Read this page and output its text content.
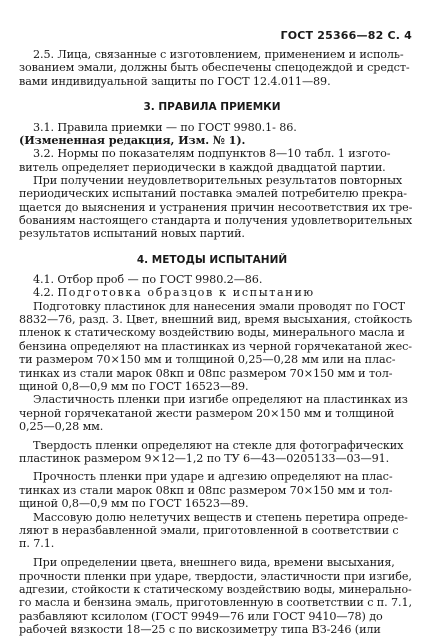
ГОСТ 25366—82 С. 4
2.5. Лица, связанные с изготовлением, применением и исполь-
зованием эмали, должны быть обеспечены спецодеждой и средст-
вами индивидуальной защиты по ГОСТ 12.4.011—89.
3. ПРАВИЛА ПРИЕМКИ
3.1. Правила приемки — по ГОСТ 9980.1- 86.
(Измененная редакция, Изм. № 1).
3.2. Нормы по показателям подпунктов 8—10 табл. 1 изгото-
витель определяет периодически в каждой двадцатой партии.
При получении неудовлетворительных результатов повторных
периодических испытаний поставка эмалей потребителю прекра-
щается до выяснения и устранения причин несоответствия их тре-
бованиям настоящего стандарта и получения удовлетворительных
результатов испытаний новых партий.
4. МЕТОДЫ ИСПЫТАНИЙ
4.1. Отбор проб — по ГОСТ 9980.2—86.
4.2. Подготовка образцов к испытанию
Подготовку пластинок для нанесения эмали проводят по ГОСТ
8832—76, разд. 3. Цвет, внешний вид, время высыхания, стойкость
пленок к статическому воздействию воды, минерального масла и
бензина определяют на пластинках из черной горячекатаной жес-
ти размером 70×150 мм и толщиной 0,25—0,28 мм или на плас-
тинках из стали марок 08кп и 08пс размером 70×150 мм и тол-
щиной 0,8—0,9 мм по ГОСТ 16523—89.
Эластичность пленки при изгибе определяют на пластинках из
черной горячекатаной жести размером 20×150 мм и толщиной
0,25—0,28 мм.
Твердость пленки определяют на стекле для фотографических
пластинок размером 9×12—1,2 по ТУ 6—43—0205133—03—91.
Прочность пленки при ударе и адгезию определяют на плас-
тинках из стали марок 08кп и 08пс размером 70×150 мм и тол-
щиной 0,8—0,9 мм по ГОСТ 16523—89.
Массовую долю нелетучих веществ и степень перетира опреде-
ляют в неразбавленной эмали, приготовленной в соответствии с
п. 7.1.
При определении цвета, внешнего вида, времени высыхания,
прочности пленки при ударе, твердости, эластичности при изгибе,
адгезии, стойкости к статическому воздействию воды, минерально-
го масла и бензина эмаль, приготовленную в соответствии с п. 7.1,
разбавляют ксилолом (ГОСТ 9949—76 или ГОСТ 9410—78) до
рабочей вязкости 18—25 с по вискозиметру типа ВЗ-246 (или
